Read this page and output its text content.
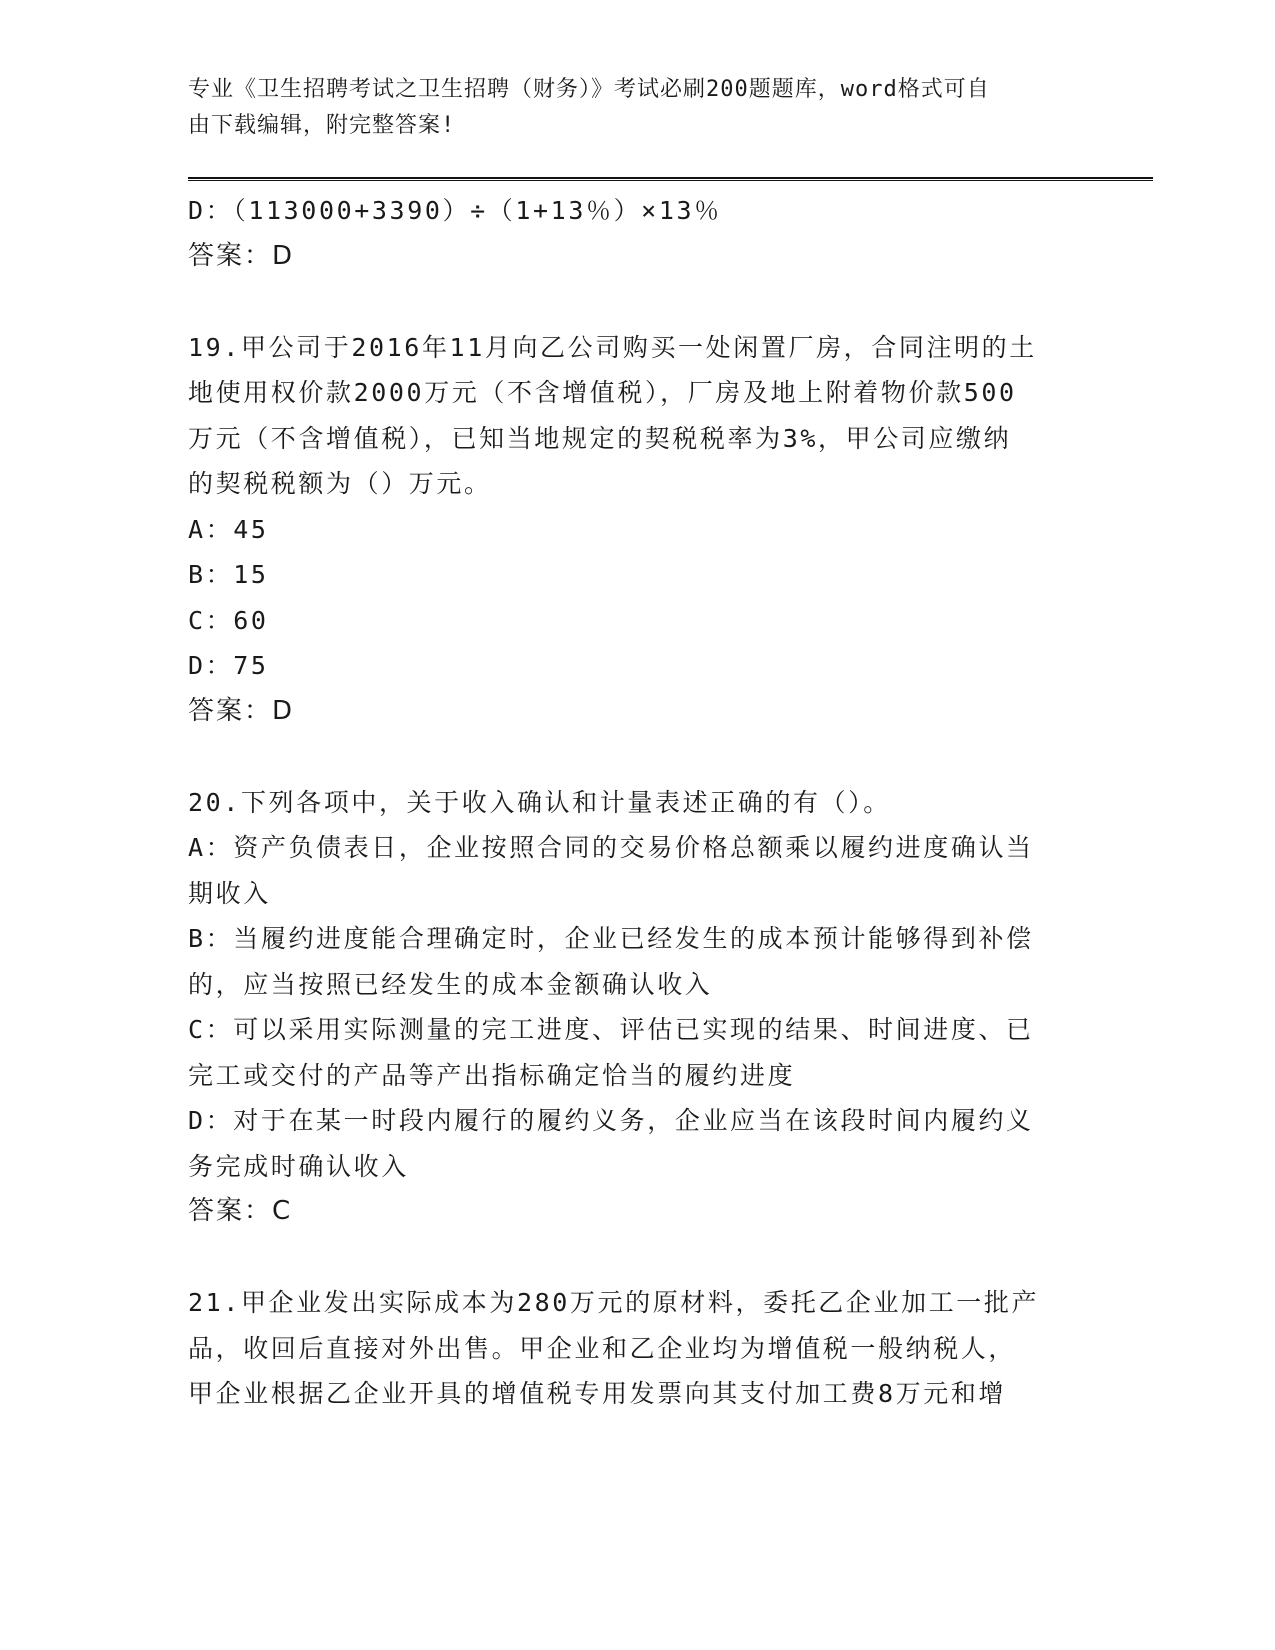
专业《卫生招聘考试之卫生招聘（财务）》考试必刷200题题库，word格式可自
由下载编辑，附完整答案!
D：（113000+3390）÷（1+13％）×13％
答案：D
19.甲公司于2016年11月向乙公司购买一处闲置厂房，合同注明的土
地使用权价款2000万元（不含增值税），厂房及地上附着物价款500
万元（不含增值税），已知当地规定的契税税率为3%，甲公司应缴纳
的契税税额为（）万元。
A：45
B：15
C：60
D：75
答案：D
20.下列各项中，关于收入确认和计量表述正确的有（）。
A：资产负债表日，企业按照合同的交易价格总额乘以履约进度确认当
期收入
B：当履约进度能合理确定时，企业已经发生的成本预计能够得到补偿
的，应当按照已经发生的成本金额确认收入
C：可以采用实际测量的完工进度、评估已实现的结果、时间进度、已
完工或交付的产品等产出指标确定恰当的履约进度
D：对于在某一时段内履行的履约义务，企业应当在该段时间内履约义
务完成时确认收入
答案：C
21.甲企业发出实际成本为280万元的原材料，委托乙企业加工一批产
品，收回后直接对外出售。甲企业和乙企业均为增值税一般纳税人，
甲企业根据乙企业开具的增值税专用发票向其支付加工费8万元和增
